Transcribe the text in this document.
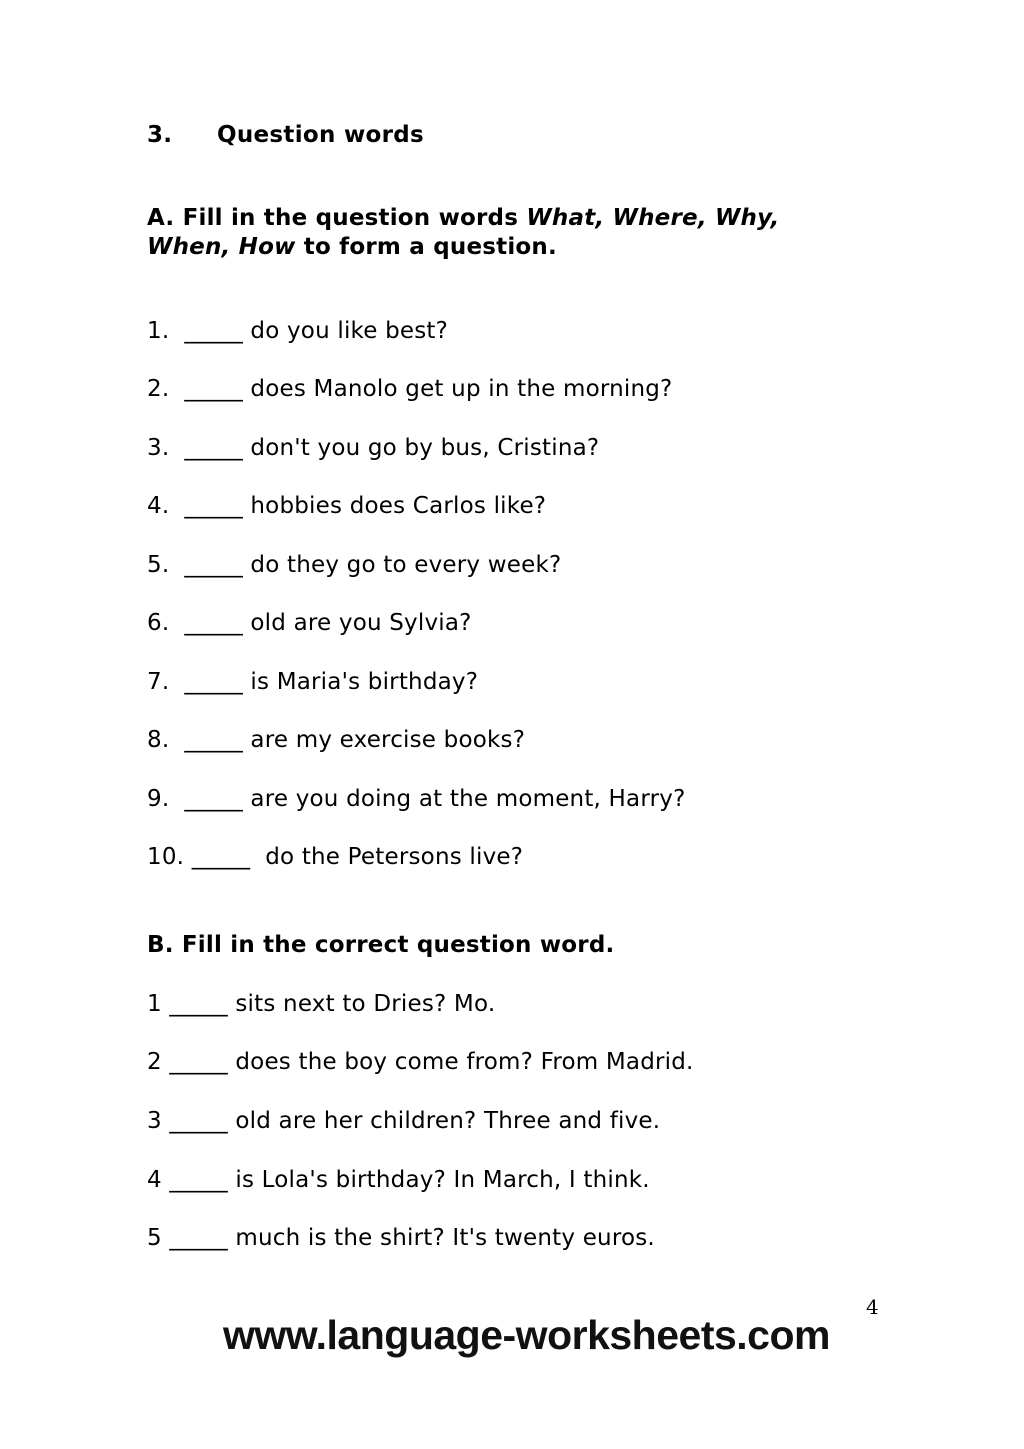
3. Question words
A. Fill in the question words What, Where, Why,
When, How to form a question.
1. _____ do you like best?
2. _____ does Manolo get up in the morning?
3. _____ don't you go by bus, Cristina?
4. _____ hobbies does Carlos like?
5. _____ do they go to every week?
6. _____ old are you Sylvia?
7. _____ is Maria's birthday?
8. _____ are my exercise books?
9. _____ are you doing at the moment, Harry?
10. _____ do the Petersons live?
B. Fill in the correct question word.
1 _____ sits next to Dries? Mo.
2 _____ does the boy come from? From Madrid.
3 _____ old are her children? Three and five.
4 _____ is Lola's birthday? In March, I think.
5 _____ much is the shirt? It's twenty euros.
4
www.language-worksheets.com
